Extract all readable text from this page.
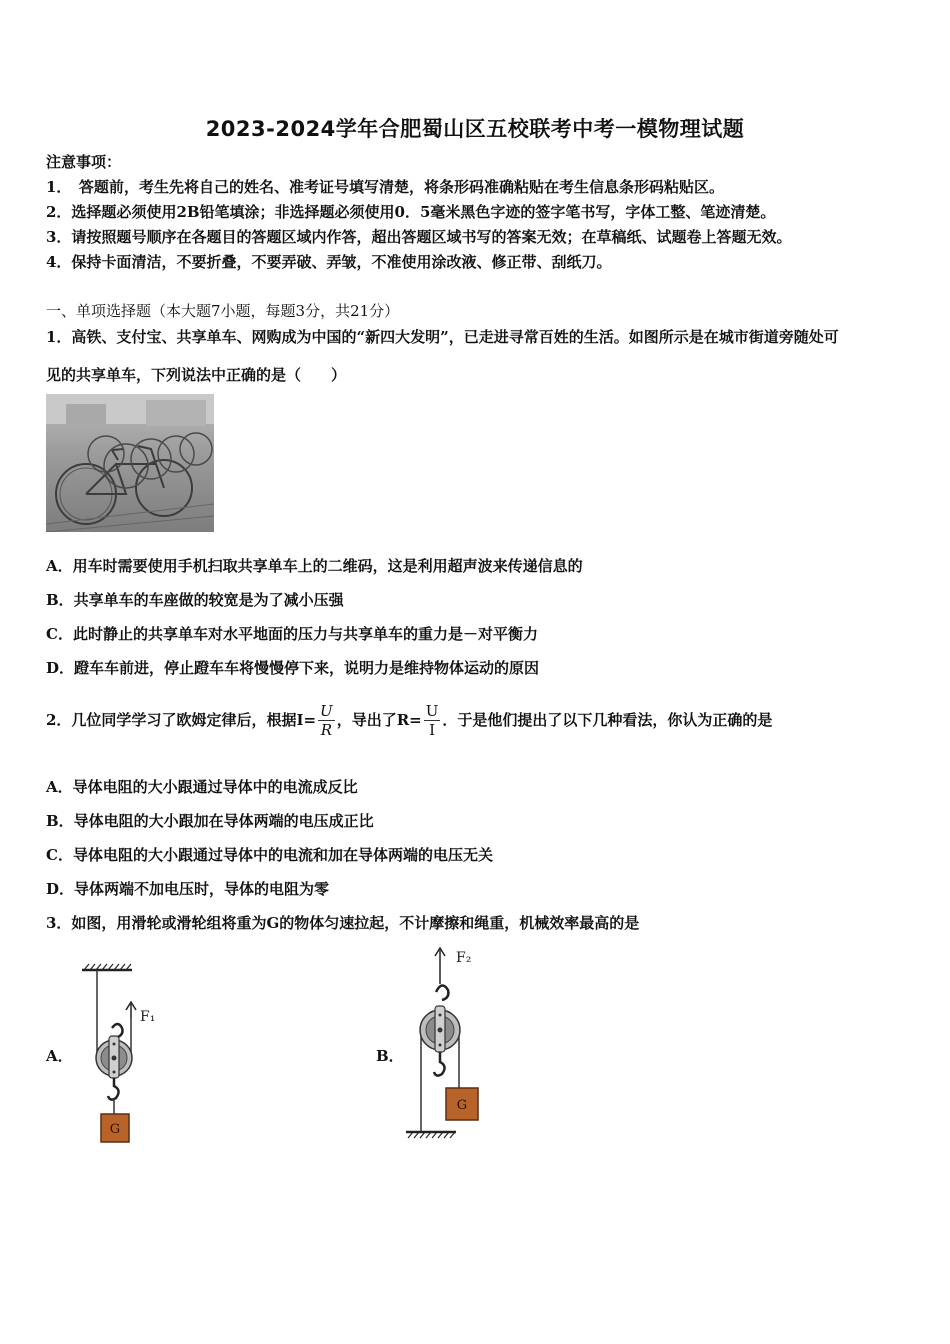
2023-2024学年合肥蜀山区五校联考中考一模物理试题
注意事项：
1．　答题前，考生先将自己的姓名、准考证号填写清楚，将条形码准确粘贴在考生信息条形码粘贴区。
2．选择题必须使用2B铅笔填涂；非选择题必须使用0．5毫米黑色字迹的签字笔书写，字体工整、笔迹清楚。
3．请按照题号顺序在各题目的答题区域内作答，超出答题区域书写的答案无效；在草稿纸、试题卷上答题无效。
4．保持卡面清洁，不要折叠，不要弄破、弄皱，不准使用涂改液、修正带、刮纸刀。
一、单项选择题（本大题7小题，每题3分，共21分）
1．高铁、支付宝、共享单车、网购成为中国的“新四大发明”，已走进寻常百姓的生活。如图所示是在城市街道旁随处可
见的共享单车，下列说法中正确的是（　　）
A．用车时需要使用手机扫取共享单车上的二维码，这是利用超声波来传递信息的
B．共享单车的车座做的较宽是为了减小压强
C．此时静止的共享单车对水平地面的压力与共享单车的重力是－对平衡力
D．蹬车车前进，停止蹬车车将慢慢停下来，说明力是维持物体运动的原因
2．几位同学学习了欧姆定律后，根据$I= \frac{U}{R}$ ，导出了$R= \frac{U}{I}$ ．于是他们提出了以下几种看法，你认为正确的是
A．导体电阻的大小跟通过导体中的电流成反比
B．导体电阻的大小跟加在导体两端的电压成正比
C．导体电阻的大小跟通过导体中的电流和加在导体两端的电压无关
D．导体两端不加电压时，导体的电阻为零
3．如图，用滑轮或滑轮组将重为G的物体匀速拉起，不计摩擦和绳重，机械效率最高的是
A．	B．
F₁
G
F₂
G
